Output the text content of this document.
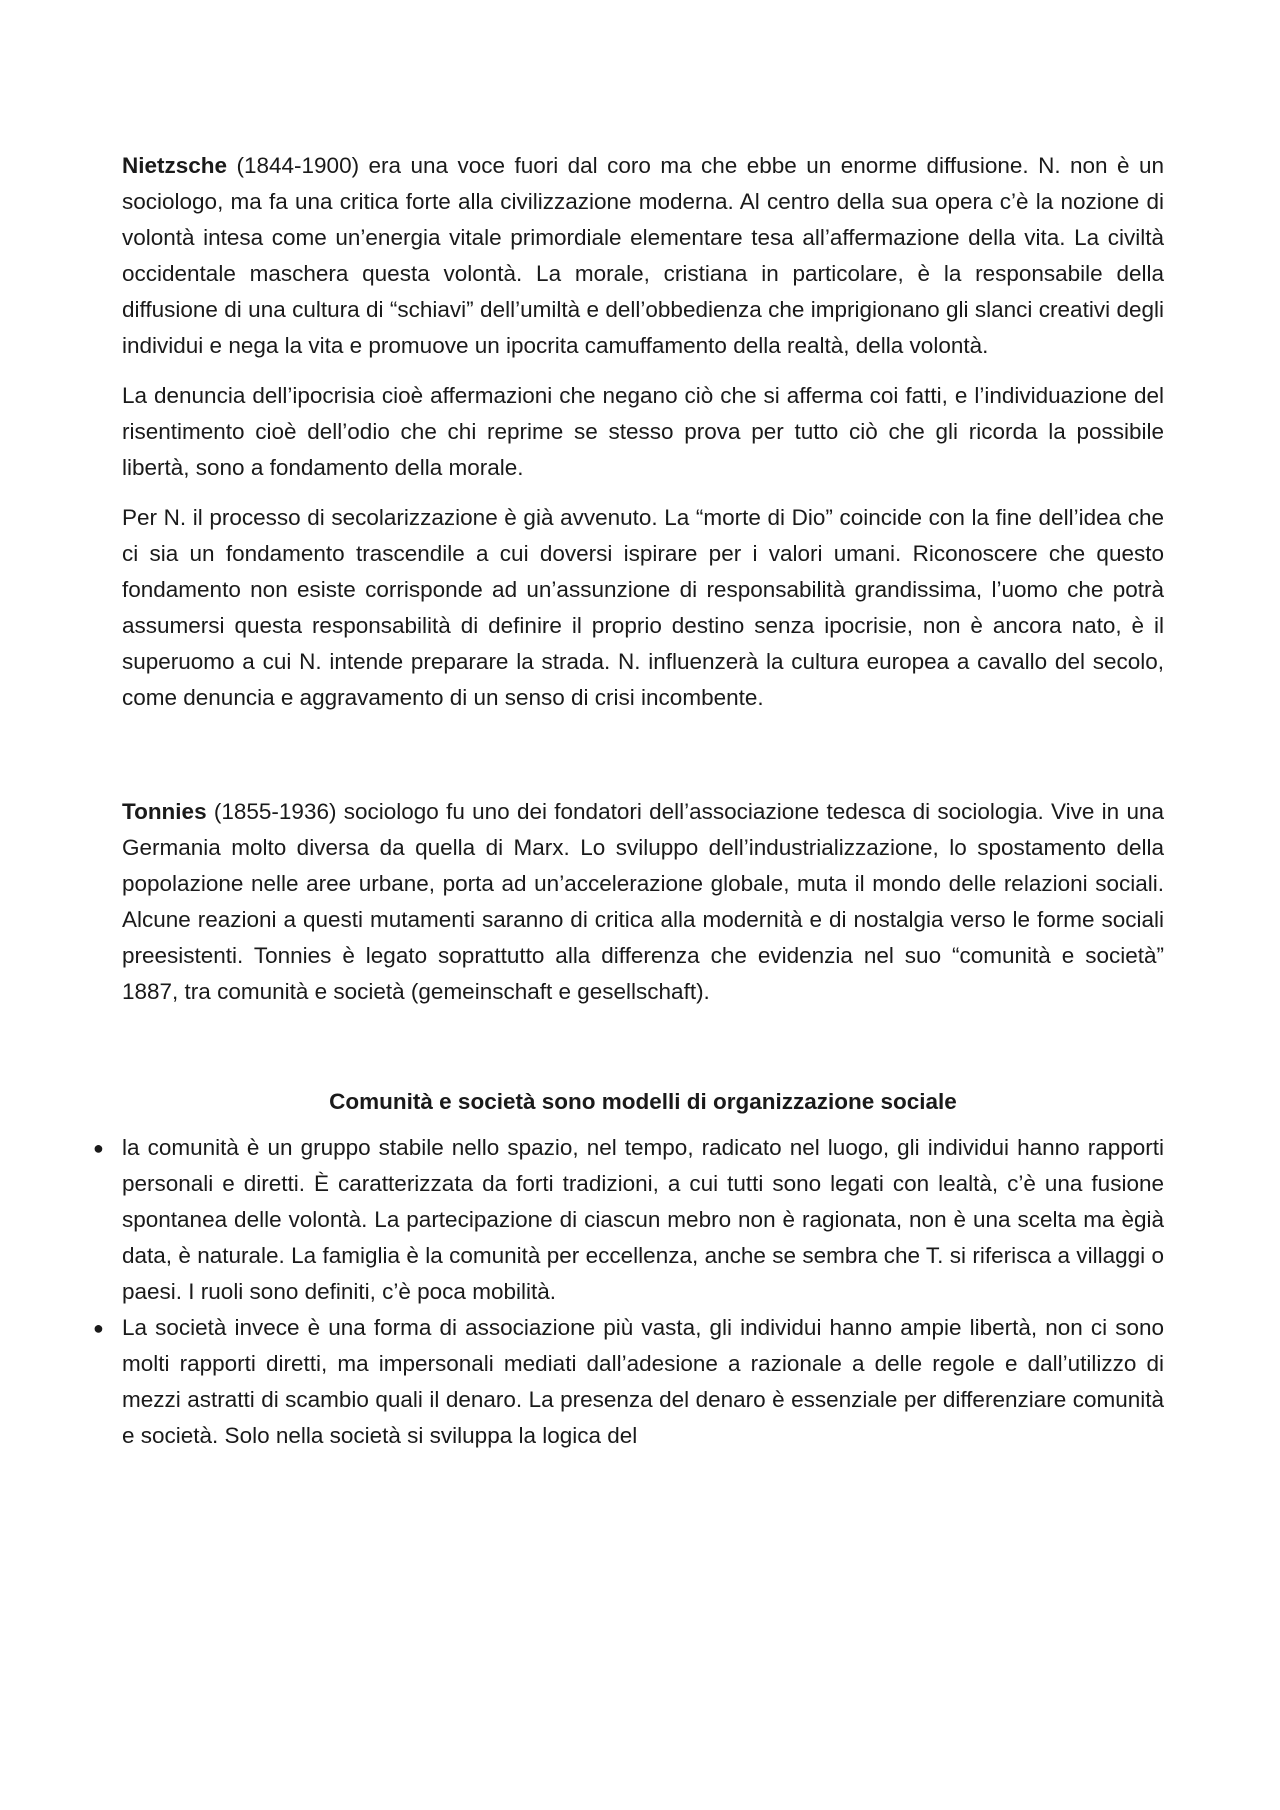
Nietzsche (1844-1900) era una voce fuori dal coro ma che ebbe un enorme diffusione. N. non è un sociologo, ma fa una critica forte alla civilizzazione moderna. Al centro della sua opera c’è la nozione di volontà intesa come un’energia vitale primordiale elementare tesa all’affermazione della vita. La civiltà occidentale maschera questa volontà. La morale, cristiana in particolare, è la responsabile della diffusione di una cultura di “schiavi” dell’umiltà e dell’obbedienza che imprigionano gli slanci creativi degli individui e nega la vita e promuove un ipocrita camuffamento della realtà, della volontà.

La denuncia dell’ipocrisia cioè affermazioni che negano ciò che si afferma coi fatti, e l’individuazione del risentimento cioè dell’odio che chi reprime se stesso prova per tutto ciò che gli ricorda la possibile libertà, sono a fondamento della morale.

Per N. il processo di secolarizzazione è già avvenuto. La “morte di Dio” coincide con la fine dell’idea che ci sia un fondamento trascendile a cui doversi ispirare per i valori umani. Riconoscere che questo fondamento non esiste corrisponde ad un’assunzione di responsabilità grandissima, l’uomo che potrà assumersi questa responsabilità di definire il proprio destino senza ipocrisie, non è ancora nato, è il superuomo a cui N. intende preparare la strada. N. influenzerà la cultura europea a cavallo del secolo, come denuncia e aggravamento di un senso di crisi incombente.

Tonnies (1855-1936) sociologo fu uno dei fondatori dell’associazione tedesca di sociologia. Vive in una Germania molto diversa da quella di Marx. Lo sviluppo dell’industrializzazione, lo spostamento della popolazione nelle aree urbane, porta ad un’accelerazione globale, muta il mondo delle relazioni sociali. Alcune reazioni a questi mutamenti saranno di critica alla modernità e di nostalgia verso le forme sociali preesistenti. Tonnies è legato soprattutto alla differenza che evidenzia nel suo “comunità e società” 1887, tra comunità e società (gemeinschaft e gesellschaft).

Comunità e società sono modelli di organizzazione sociale

● la comunità è un gruppo stabile nello spazio, nel tempo, radicato nel luogo, gli individui hanno rapporti personali e diretti. È caratterizzata da forti tradizioni, a cui tutti sono legati con lealtà, c’è una fusione spontanea delle volontà. La partecipazione di ciascun mebro non è ragionata, non è una scelta ma ègià data, è naturale. La famiglia è la comunità per eccellenza, anche se sembra che T. si riferisca a villaggi o paesi. I ruoli sono definiti, c’è poca mobilità.
● La società invece è una forma di associazione più vasta, gli individui hanno ampie libertà, non ci sono molti rapporti diretti, ma impersonali mediati dall’adesione a razionale a delle regole e dall’utilizzo di mezzi astratti di scambio quali il denaro. La presenza del denaro è essenziale per differenziare comunità e società. Solo nella società si sviluppa la logica del
